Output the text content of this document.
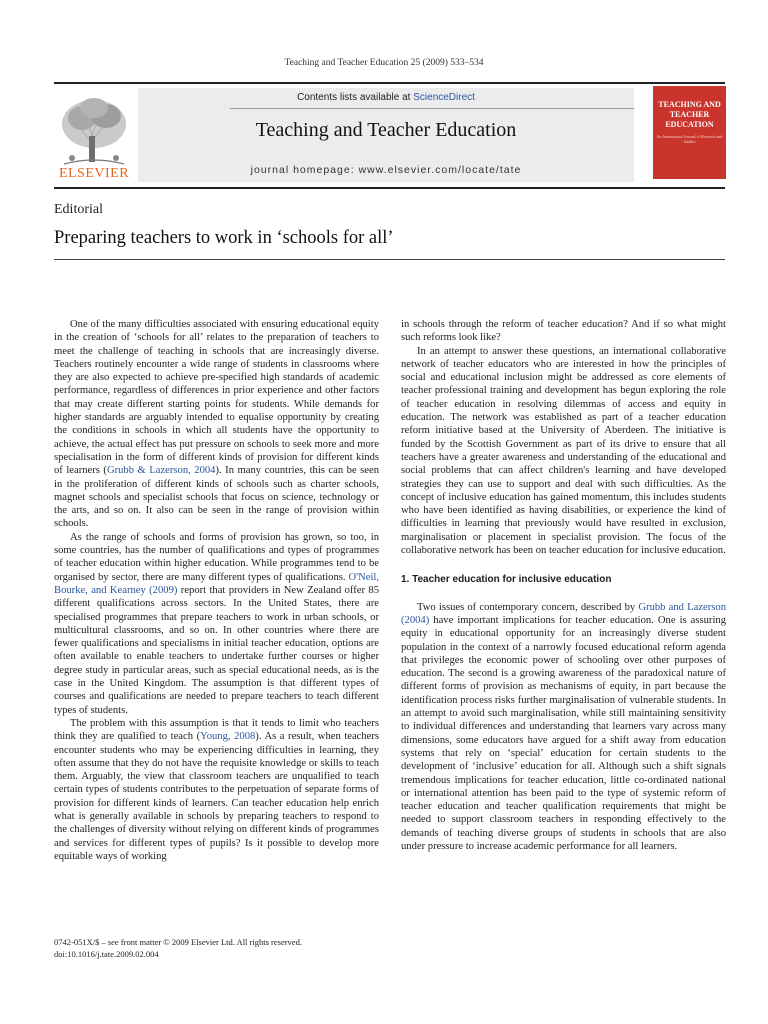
Teaching and Teacher Education 25 (2009) 533–534
ELSEVIER
Contents lists available at ScienceDirect
Teaching and Teacher Education
journal homepage: www.elsevier.com/locate/tate
TEACHING AND TEACHER EDUCATION
An International Journal of Research and Studies
Editorial
Preparing teachers to work in ‘schools for all’

One of the many difficulties associated with ensuring educational equity in the creation of ‘schools for all’ relates to the preparation of teachers to meet the challenge of teaching in schools that are increasingly diverse. Teachers routinely encounter a wide range of students in classrooms where they are also expected to achieve pre-specified high standards of academic performance, regardless of differences in prior experience and other factors that may create different starting points for students. While demands for higher standards are arguably intended to equalise opportunity by creating the conditions in schools in which all students have the opportunity to achieve, the actual effect has put pressure on schools to seek more and more specialisation in the form of different kinds of provision for different kinds of learners (Grubb & Lazerson, 2004). In many countries, this can be seen in the proliferation of different kinds of schools such as charter schools, magnet schools and specialist schools that focus on science, technology or the arts, and so on. It also can be seen in the range of provision within schools.

As the range of schools and forms of provision has grown, so too, in some countries, has the number of qualifications and types of programmes of teacher education within higher education. While programmes tend to be organised by sector, there are many different types of qualifications. O'Neil, Bourke, and Kearney (2009) report that providers in New Zealand offer 85 different qualifications across sectors. In the United States, there are specialised programmes that prepare teachers to work in urban schools, or multicultural classrooms, and so on. In other countries where there are fewer qualifications and specialisms in initial teacher education, options are often available to enable teachers to undertake further courses or higher degree study in particular areas, such as special educational needs, as is the case in the United Kingdom. The assumption is that different types of courses and qualifications are needed to prepare teachers to teach different types of students.

The problem with this assumption is that it tends to limit who teachers think they are qualified to teach (Young, 2008). As a result, when teachers encounter students who may be experiencing difficulties in learning, they often assume that they do not have the requisite knowledge or skills to teach them. Arguably, the view that classroom teachers are unqualified to teach certain types of students contributes to the perpetuation of separate forms of provision for different kinds of learners. Can teacher education help enrich what is generally available in schools by preparing teachers to respond to the challenges of diversity without relying on different kinds of programmes and services for different types of pupils? Is it possible to develop more equitable ways of working

in schools through the reform of teacher education? And if so what might such reforms look like?

In an attempt to answer these questions, an international collaborative network of teacher educators who are interested in how the principles of social and educational inclusion might be addressed as core elements of teacher professional training and development has begun exploring the role of teacher education in resolving dilemmas of access and equity in education. The network was established as part of a teacher education reform initiative based at the University of Aberdeen. The initiative is funded by the Scottish Government as part of its drive to ensure that all teachers have a greater awareness and understanding of the educational and social problems that can affect children's learning and have developed strategies they can use to support and deal with such difficulties. As the concept of inclusive education has gained momentum, this includes students who have been identified as having disabilities, or experience the kind of difficulties in learning that previously would have resulted in exclusion, marginalisation or placement in specialist provision. The focus of the collaborative network has been on teacher education for inclusive education.

1. Teacher education for inclusive education

Two issues of contemporary concern, described by Grubb and Lazerson (2004) have important implications for teacher education. One is assuring equity in educational opportunity for an increasingly diverse student population in the context of a narrowly focused educational reform agenda that privileges the economic power of schooling over other purposes of education. The second is a growing awareness of the paradoxical nature of different forms of provision as mechanisms of equity, in part because the identification process risks further marginalisation of vulnerable students. In an attempt to avoid such marginalisation, while still maintaining sensitivity to individual differences and understanding that learners vary across many dimensions, some educators have argued for a shift away from education systems that rely on ‘special’ education for certain students to the development of ‘inclusive’ education for all. Although such a shift signals tremendous implications for teacher education, little co-ordinated national or international attention has been paid to the type of systemic reform of teacher education and teacher qualification requirements that might be needed to support classroom teachers in responding effectively to the demands of teaching diverse groups of students in schools that are also under pressure to increase academic performance for all learners.

0742-051X/$ – see front matter © 2009 Elsevier Ltd. All rights reserved.
doi:10.1016/j.tate.2009.02.004
